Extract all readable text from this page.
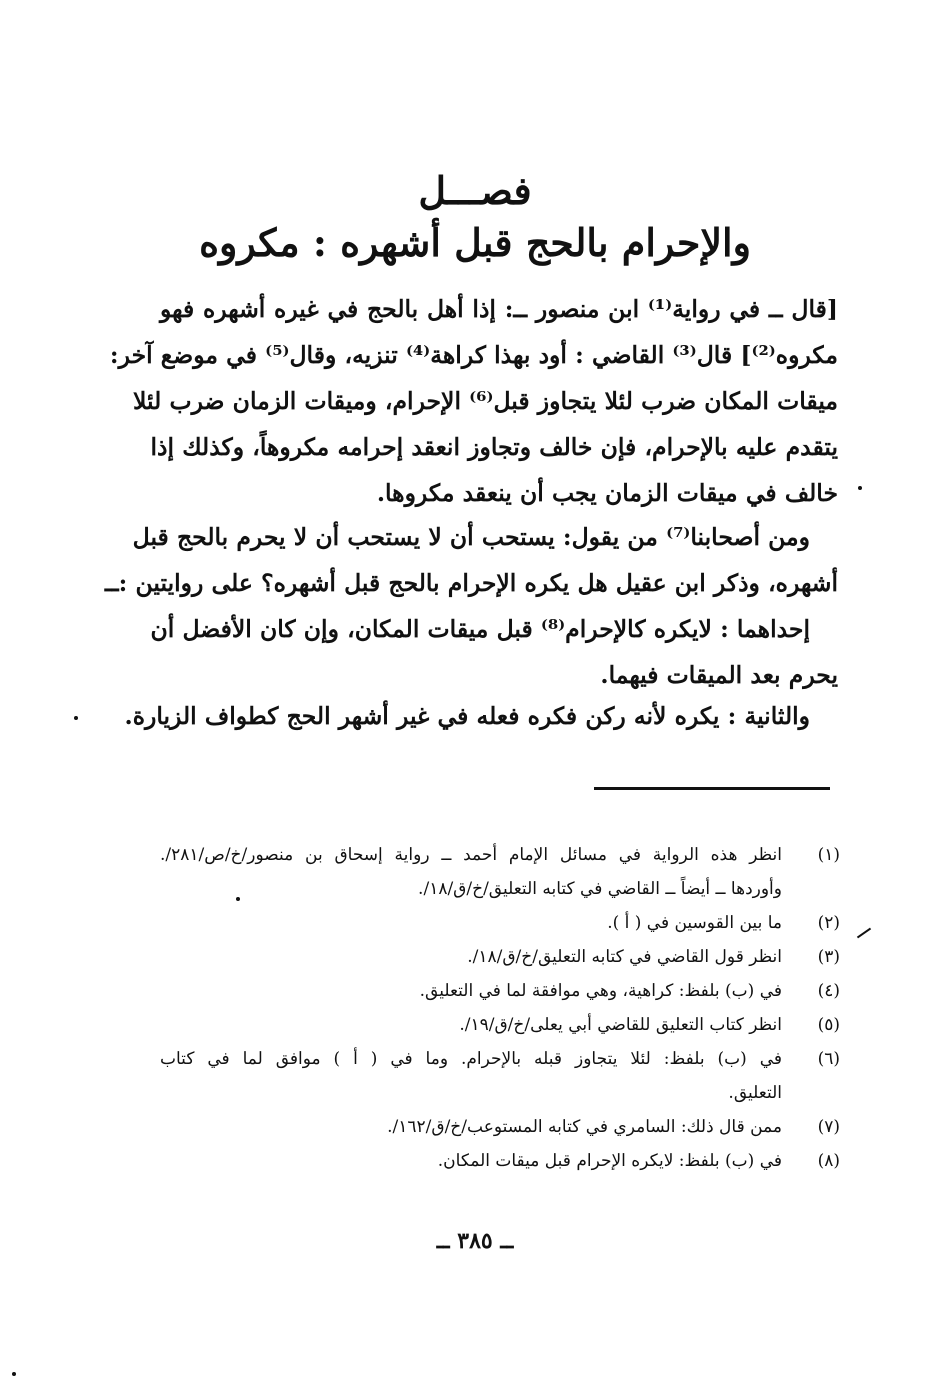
فصـــل
والإحرام بالحج قبل أشهره : مكروه
[قال ــ في رواية⁽¹⁾ ابن منصور ــ: إذا أهل بالحج في غيره أشهره فهو
مكروه⁽²⁾] قال⁽³⁾ القاضي : أود بهذا كراهة⁽⁴⁾ تنزيه، وقال⁽⁵⁾ في موضع آخر:
ميقات المكان ضرب لئلا يتجاوز قبل⁽⁶⁾ الإحرام، وميقات الزمان ضرب لئلا
يتقدم عليه بالإحرام، فإن خالف وتجاوز انعقد إحرامه مكروهاً، وكذلك إذا
خالف في ميقات الزمان يجب أن ينعقد مكروها.
ومن أصحابنا⁽⁷⁾ من يقول: يستحب أن لا يستحب أن لا يحرم بالحج قبل
أشهره، وذكر ابن عقيل هل يكره الإحرام بالحج قبل أشهره؟ على روايتين :ــ
إحداهما : لايكره كالإحرام⁽⁸⁾ قبل ميقات المكان، وإن كان الأفضل أن
يحرم بعد الميقات فيهما.
والثانية : يكره لأنه ركن فكره فعله في غير أشهر الحج كطواف الزيارة.
(١)
انظر هذه الرواية في مسائل الإمام أحمد ــ رواية إسحاق بن منصور/خ/ص/٢٨١/.
وأوردها ــ أيضاً ــ القاضي في كتابه التعليق/خ/ق/١٨/.
(٢)
ما بين القوسين في ( أ ).
(٣)
انظر قول القاضي في كتابه التعليق/خ/ق/١٨/.
(٤)
في (ب) بلفظ: كراهية، وهي موافقة لما في التعليق.
(٥)
انظر كتاب التعليق للقاضي أبي يعلى/خ/ق/١٩/.
(٦)
في (ب) بلفظ: لئلا يتجاوز قبله بالإحرام. وما في ( أ ) موافق لما في كتاب
التعليق.
(٧)
ممن قال ذلك: السامري في كتابه المستوعب/خ/ق/١٦٢/.
(٨)
في (ب) بلفظ: لايكره الإحرام قبل ميقات المكان.
ــ ٣٨٥ ــ
